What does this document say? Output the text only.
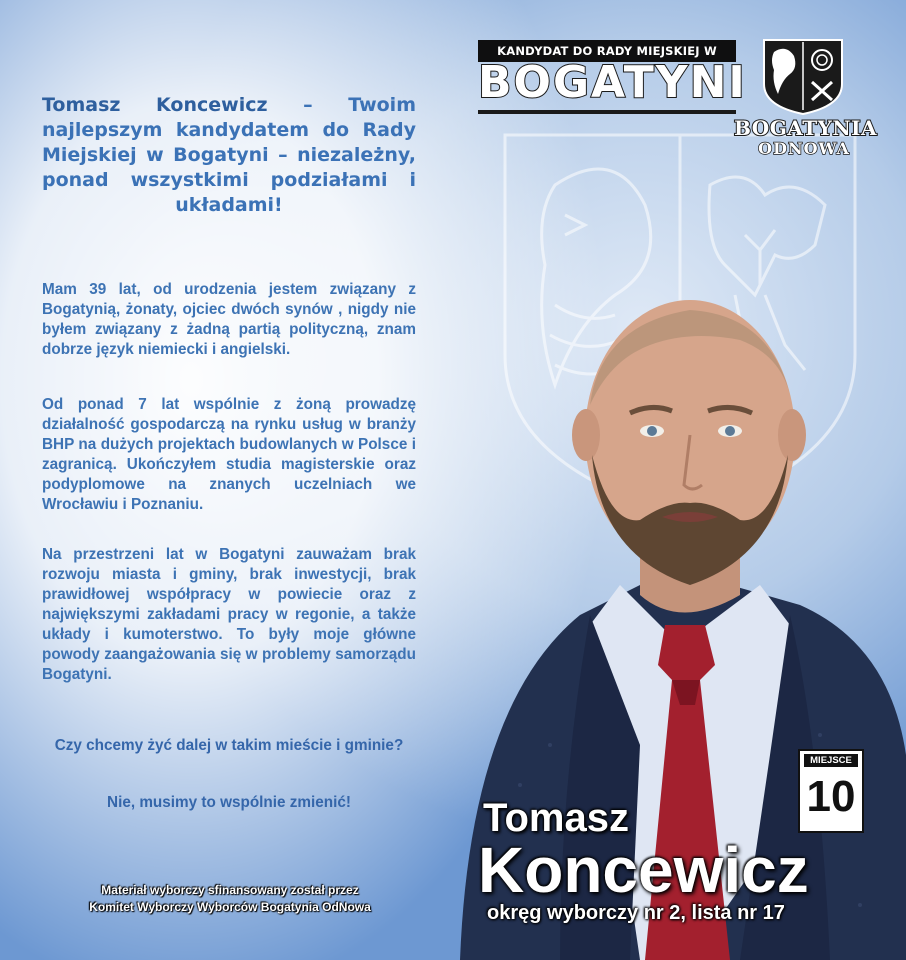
KANDYDAT DO RADY MIEJSKIEJ W
BOGATYNI
BOGATYNIA
ODNOWA
Tomasz Koncewicz – Twoim najlepszym kandydatem do Rady Miejskiej w Bogatyni – niezależny, ponad wszystkimi podziałami i układami!
Mam 39 lat, od urodzenia jestem związany z Bogatynią, żonaty, ojciec dwóch synów , nigdy nie byłem związany z żadną partią polityczną, znam dobrze język niemiecki i angielski.
Od ponad 7 lat wspólnie z żoną prowadzę działalność gospodarczą na rynku usług w branży BHP na dużych projektach budowlanych w Polsce i zagranicą. Ukończyłem studia magisterskie oraz podyplomowe na znanych uczelniach we Wrocławiu i Poznaniu.
Na przestrzeni lat w Bogatyni zauważam brak rozwoju miasta i gminy, brak inwestycji, brak prawidłowej współpracy w powiecie oraz z największymi zakładami pracy w regonie, a także układy i kumoterstwo. To były moje główne powody zaangażowania się w problemy samorządu Bogatyni.
Czy chcemy żyć dalej w takim mieście i gminie?
Nie, musimy to wspólnie zmienić!
Materiał wyborczy sfinansowany został przez
Komitet Wyborczy Wyborców Bogatynia OdNowa
Tomasz
Koncewicz
okręg wyborczy nr 2, lista nr 17
MIEJSCE
10
